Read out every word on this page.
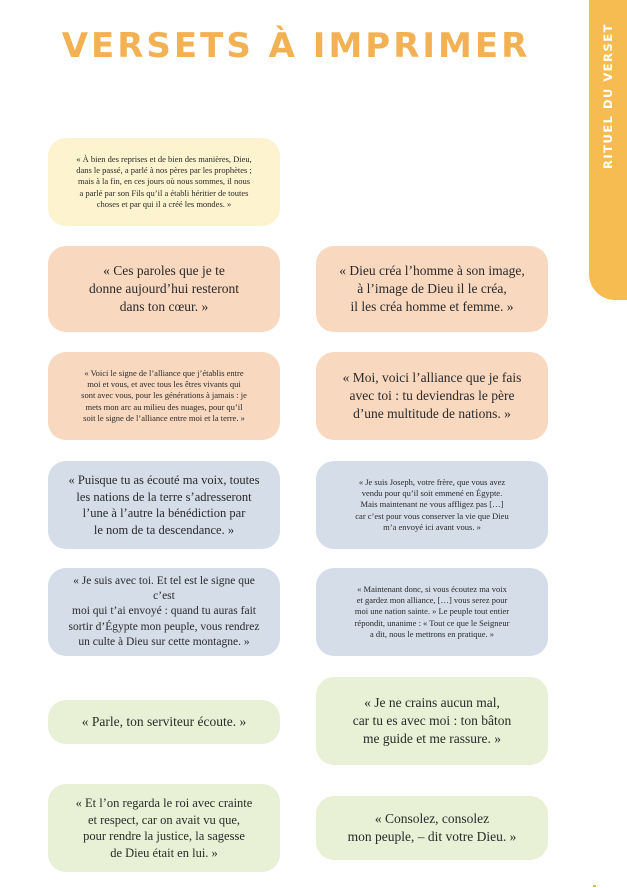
VERSETS À IMPRIMER	RITUEL DU VERSET
« À bien des reprises et de bien des manières, Dieu,
dans le passé, a parlé à nos pères par les prophètes ;
mais à la fin, en ces jours où nous sommes, il nous
a parlé par son Fils qu’il a établi héritier de toutes
choses et par qui il a créé les mondes. »
« Ces paroles que je te
donne aujourd’hui resteront
dans ton cœur. »
« Dieu créa l’homme à son image,
à l’image de Dieu il le créa,
il les créa homme et femme. »
« Voici le signe de l’alliance que j’établis entre
moi et vous, et avec tous les êtres vivants qui
sont avec vous, pour les générations à jamais : je
mets mon arc au milieu des nuages, pour qu’il
soit le signe de l’alliance entre moi et la terre. »
« Moi, voici l’alliance que je fais
avec toi : tu deviendras le père
d’une multitude de nations. »
« Puisque tu as écouté ma voix, toutes
les nations de la terre s’adresseront
l’une à l’autre la bénédiction par
le nom de ta descendance. »
« Je suis Joseph, votre frère, que vous avez
vendu pour qu’il soit emmené en Égypte.
Mais maintenant ne vous affligez pas […]
car c’est pour vous conserver la vie que Dieu
m’a envoyé ici avant vous. »
« Je suis avec toi. Et tel est le signe que c’est
moi qui t’ai envoyé : quand tu auras fait
sortir d’Égypte mon peuple, vous rendrez
un culte à Dieu sur cette montagne. »
« Maintenant donc, si vous écoutez ma voix
et gardez mon alliance, […] vous serez pour
moi une nation sainte. » Le peuple tout entier
répondit, unanime : « Tout ce que le Seigneur
a dit, nous le mettrons en pratique. »
« Parle, ton serviteur écoute. »
« Je ne crains aucun mal,
car tu es avec moi : ton bâton
me guide et me rassure. »
« Et l’on regarda le roi avec crainte
et respect, car on avait vu que,
pour rendre la justice, la sagesse
de Dieu était en lui. »
« Consolez, consolez
mon peuple, – dit votre Dieu. »
